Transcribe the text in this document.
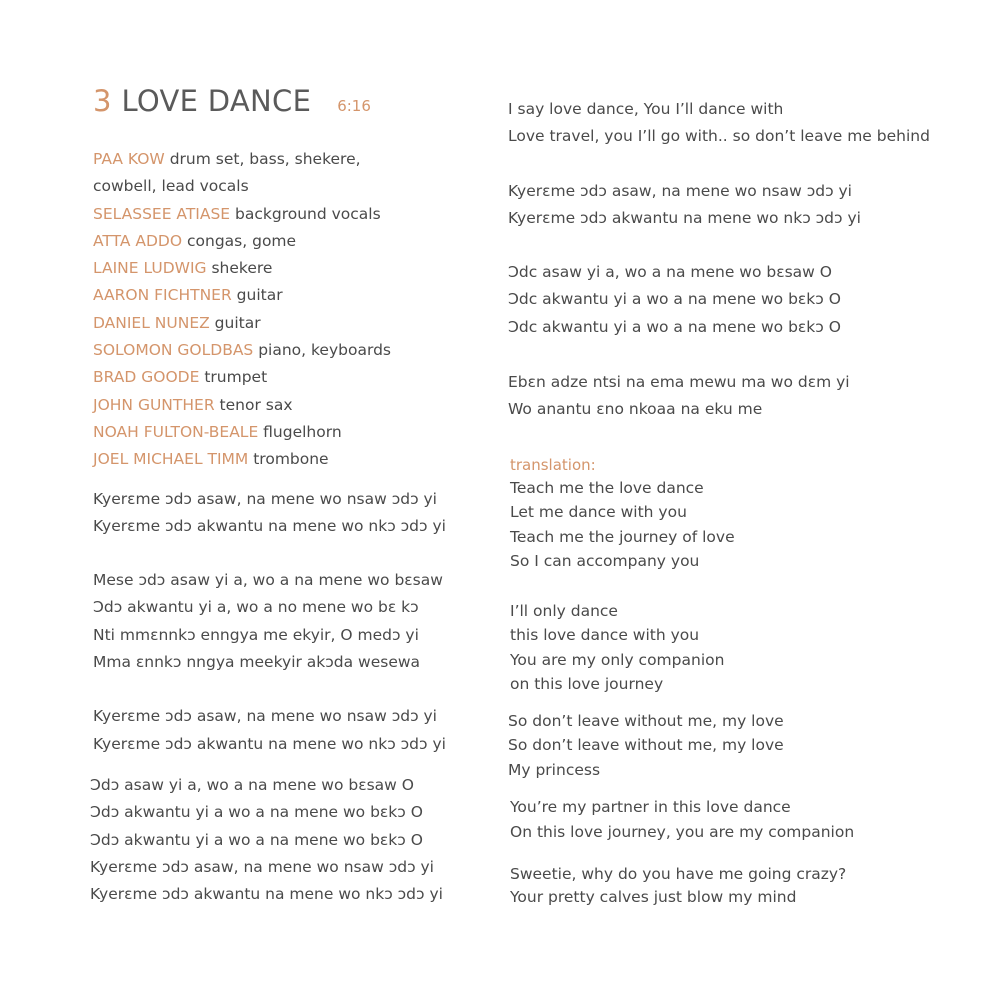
3 LOVE DANCE 6:16
PAA KOW drum set, bass, shekere,
cowbell, lead vocals
SELASSEE ATIASE background vocals
ATTA ADDO congas, gome
LAINE LUDWIG shekere
AARON FICHTNER guitar
DANIEL NUNEZ guitar
SOLOMON GOLDBAS piano, keyboards
BRAD GOODE trumpet
JOHN GUNTHER tenor sax
NOAH FULTON-BEALE flugelhorn
JOEL MICHAEL TIMM trombone
Kyerɛme ɔdɔ asaw, na mene wo nsaw ɔdɔ yi
Kyerɛme ɔdɔ akwantu na mene wo nkɔ ɔdɔ yi
Mese ɔdɔ asaw yi a, wo a na mene wo bɛsaw
Ɔdɔ akwantu yi a, wo a no mene wo bɛ kɔ
Nti mmɛnnkɔ enngya me ekyir, O medɔ yi
Mma ɛnnkɔ nngya meekyir akɔda wesewa
Kyerɛme ɔdɔ asaw, na mene wo nsaw ɔdɔ yi
Kyerɛme ɔdɔ akwantu na mene wo nkɔ ɔdɔ yi
Ɔdɔ asaw yi a, wo a na mene wo bɛsaw O
Ɔdɔ akwantu yi a wo a na mene wo bɛkɔ O
Ɔdɔ akwantu yi a wo a na mene wo bɛkɔ O
Kyerɛme ɔdɔ asaw, na mene wo nsaw ɔdɔ yi
Kyerɛme ɔdɔ akwantu na mene wo nkɔ ɔdɔ yi
I say love dance, You I’ll dance with
Love travel, you I’ll go with.. so don’t leave me behind
Kyerɛme ɔdɔ asaw, na mene wo nsaw ɔdɔ yi
Kyerɛme ɔdɔ akwantu na mene wo nkɔ ɔdɔ yi
Ɔdc asaw yi a, wo a na mene wo bɛsaw O
Ɔdc akwantu yi a wo a na mene wo bɛkɔ O
Ɔdc akwantu yi a wo a na mene wo bɛkɔ O
Ebɛn adze ntsi na ema mewu ma wo dɛm yi
Wo anantu ɛno nkoaa na eku me
translation:
Teach me the love dance
Let me dance with you
Teach me the journey of love
So I can accompany you
I’ll only dance
this love dance with you
You are my only companion
on this love journey
So don’t leave without me, my love
So don’t leave without me, my love
My princess
You’re my partner in this love dance
On this love journey, you are my companion
Sweetie, why do you have me going crazy?
Your pretty calves just blow my mind
